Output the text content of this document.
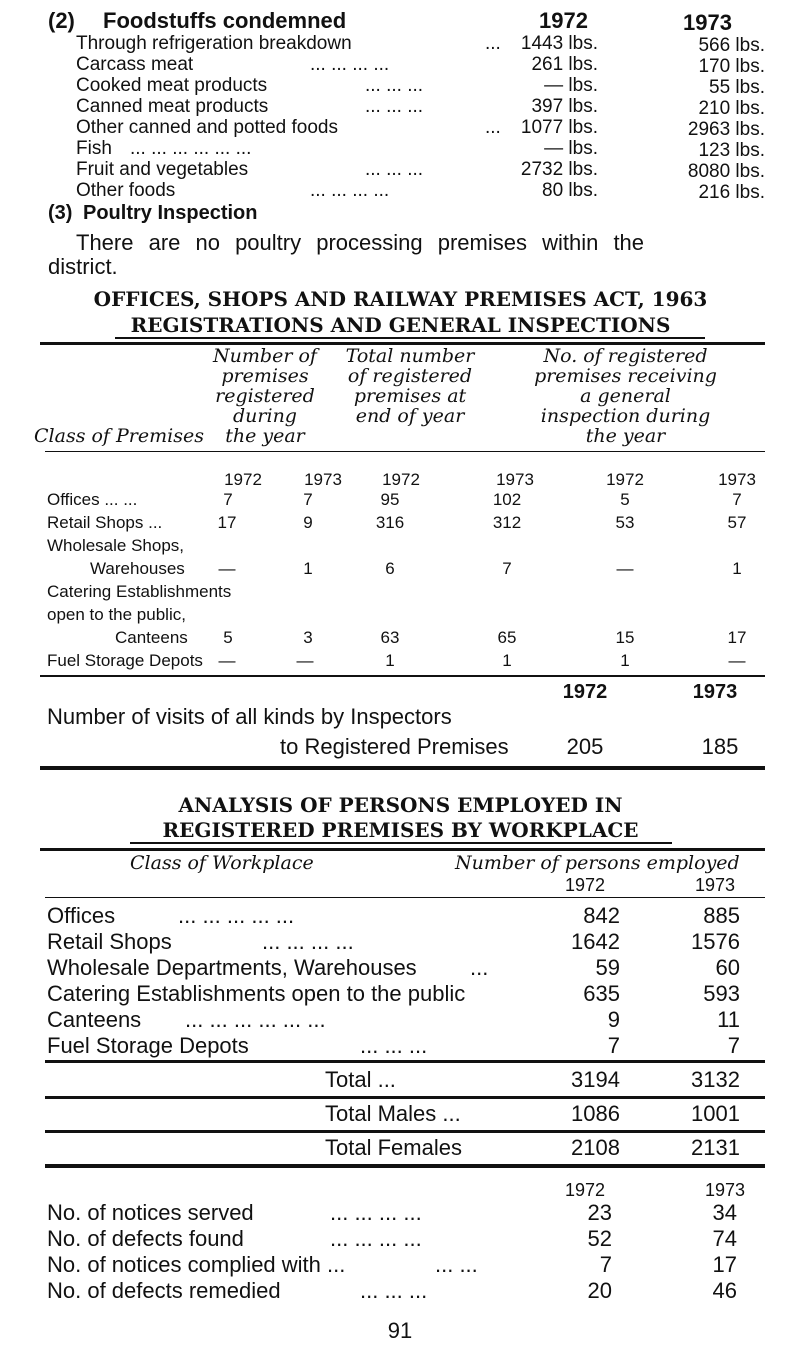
(2) Foodstuffs condemned	1972	1973
Through refrigeration breakdown	...	1443 lbs.	566 lbs.
Carcass meat	... ... ... ...	261 lbs.	170 lbs.
Cooked meat products	... ... ...	— lbs.	55 lbs.
Canned meat products	... ... ...	397 lbs.	210 lbs.
Other canned and potted foods	...	1077 lbs.	2963 lbs.
Fish ... ... ... ... ... ...	— lbs.	123 lbs.
Fruit and vegetables	... ... ...	2732 lbs.	8080 lbs.
Other foods	... ... ... ...	80 lbs.	216 lbs.
(3) Poultry Inspection
There are no poultry processing premises within the
district.
OFFICES, SHOPS AND RAILWAY PREMISES ACT, 1963
REGISTRATIONS AND GENERAL INSPECTIONS
Class of Premises
Number of
premises
registered
during
the year
Total number
of registered
premises at
end of year
No. of registered
premises receiving
a general
inspection during
the year
1972	1973	1972	1973	1972	1973
Offices ... ...	7	7	95	102	5	7
Retail Shops ...	17	9	316	312	53	57
Wholesale Shops,
Warehouses	—	1	6	7	—	1
Catering Establishments
open to the public,
Canteens	5	3	63	65	15	17
Fuel Storage Depots —	—	1	1	1	—
1972	1973
Number of visits of all kinds by Inspectors
to Registered Premises	205	185
ANALYSIS OF PERSONS EMPLOYED IN
REGISTERED PREMISES BY WORKPLACE
Class of Workplace	Number of persons employed
1972	1973
Offices	... ... ... ... ...	842	885
Retail Shops	... ... ... ...	1642	1576
Wholesale Departments, Warehouses ...	59	60
Catering Establishments open to the public	635	593
Canteens ... ... ... ... ... ...	9	11
Fuel Storage Depots	... ... ...	7	7
Total ...	3194	3132
Total Males ...	1086	1001
Total Females	2108	2131
1972	1973
No. of notices served	... ... ... ...	23	34
No. of defects found	... ... ... ...	52	74
No. of notices complied with ...	... ...	7	17
No. of defects remedied	... ... ...	20	46
91
